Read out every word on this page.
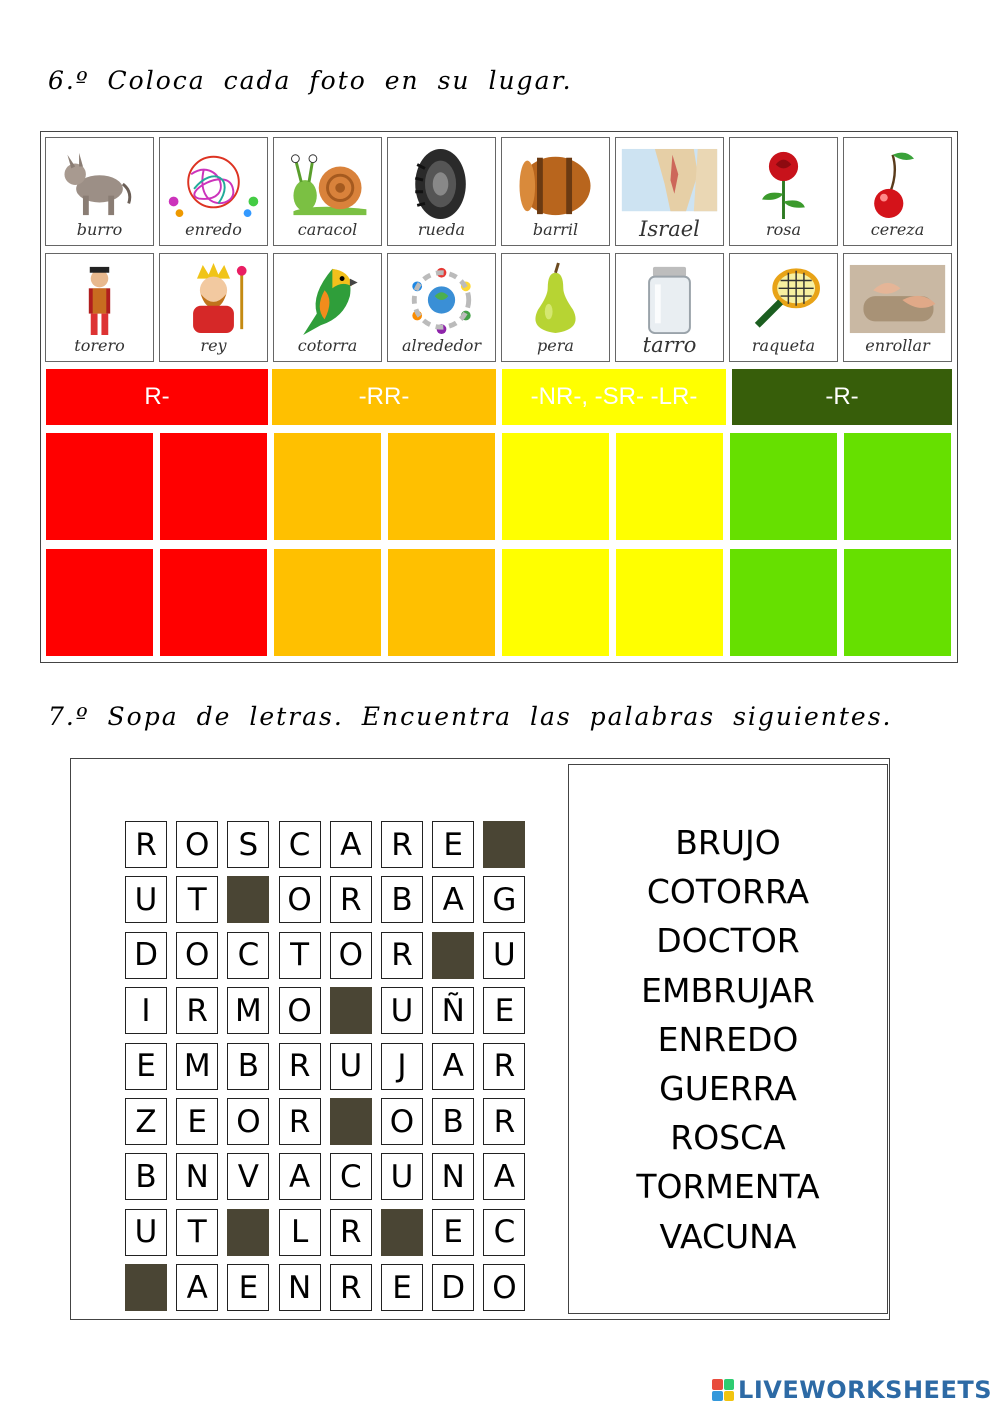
6.º Coloca cada foto en su lugar.
burro	enredo	caracol	rueda	barril	Israel	rosa	cereza
torero	rey	cotorra	alrededor	pera	tarro	raqueta	enrollar
R-	-RR-	-NR-, -SR- -LR-	-R-
7.º Sopa de letras. Encuentra las palabras siguientes.
R O S C A R E
U T	O R B A G
D O C T O R	U
I	R M O	U Ñ E
E M B R U	J	A R
Z E O R	O B R
B N V A C U N A
U T	L	R	E C
A E N R E D O
BRUJO
COTORRA
DOCTOR
EMBRUJAR
ENREDO
GUERRA
ROSCA
TORMENTA
VACUNA
LIVEWORKSHEETS
